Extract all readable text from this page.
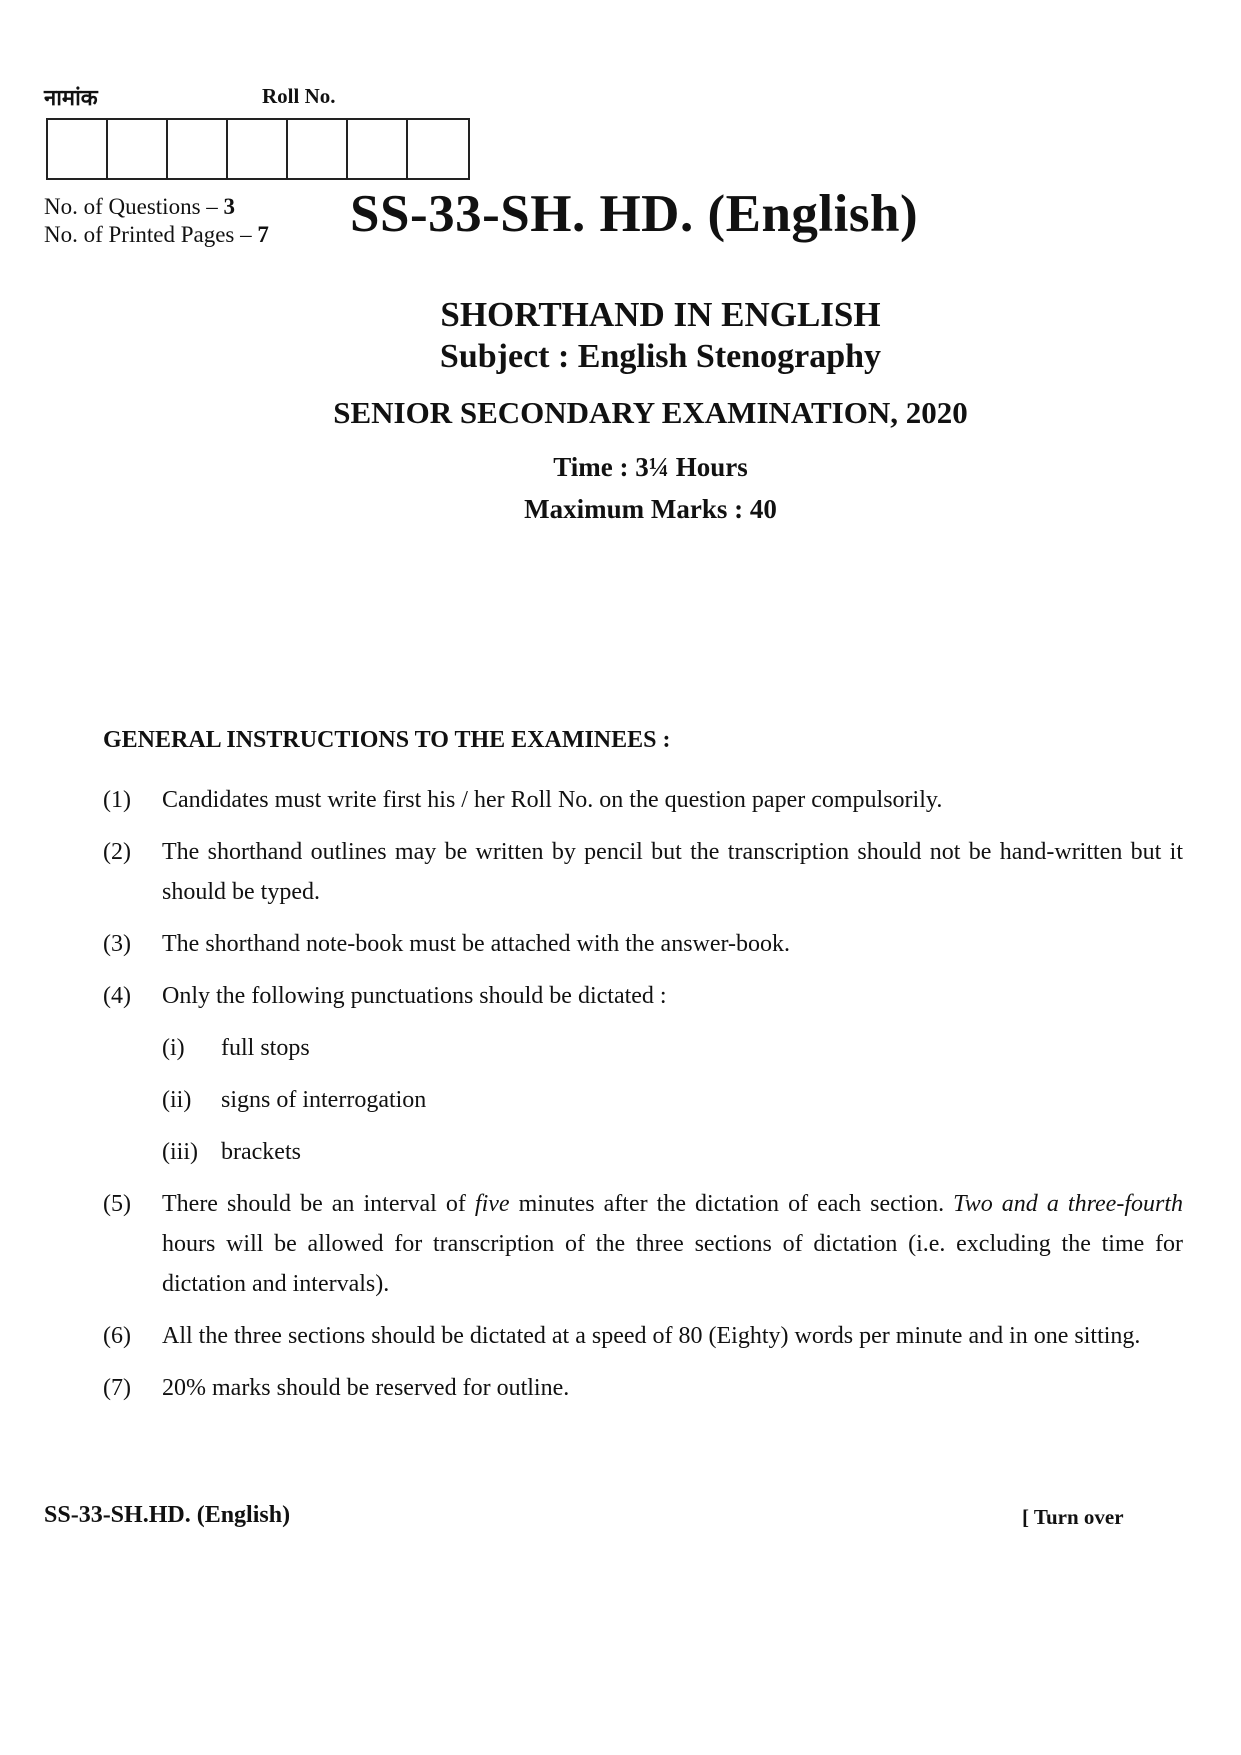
नामांक	Roll No.
No. of Questions – 3
No. of Printed Pages – 7 SS-33-SH. HD. (English)
SHORTHAND IN ENGLISH
Subject : English Stenography
SENIOR SECONDARY EXAMINATION, 2020
Time : 3¼ Hours
Maximum Marks : 40
GENERAL INSTRUCTIONS TO THE EXAMINEES :
(1)	Candidates must write first his / her Roll No. on the question paper compulsorily.
(2)	The shorthand outlines may be written by pencil but the transcription should not be hand-written but it should be typed.
(3)	The shorthand note-book must be attached with the answer-book.
(4)	Only the following punctuations should be dictated :
(i)	full stops
(ii)	signs of interrogation
(iii) brackets
(5)	There should be an interval of five minutes after the dictation of each section. Two and a three-fourth hours will be allowed for transcription of the three sections of dictation (i.e. excluding the time for dictation and intervals).
(6)	All the three sections should be dictated at a speed of 80 (Eighty) words per minute and in one sitting.
(7)	20% marks should be reserved for outline.
SS-33-SH.HD. (English)	[ Turn over
